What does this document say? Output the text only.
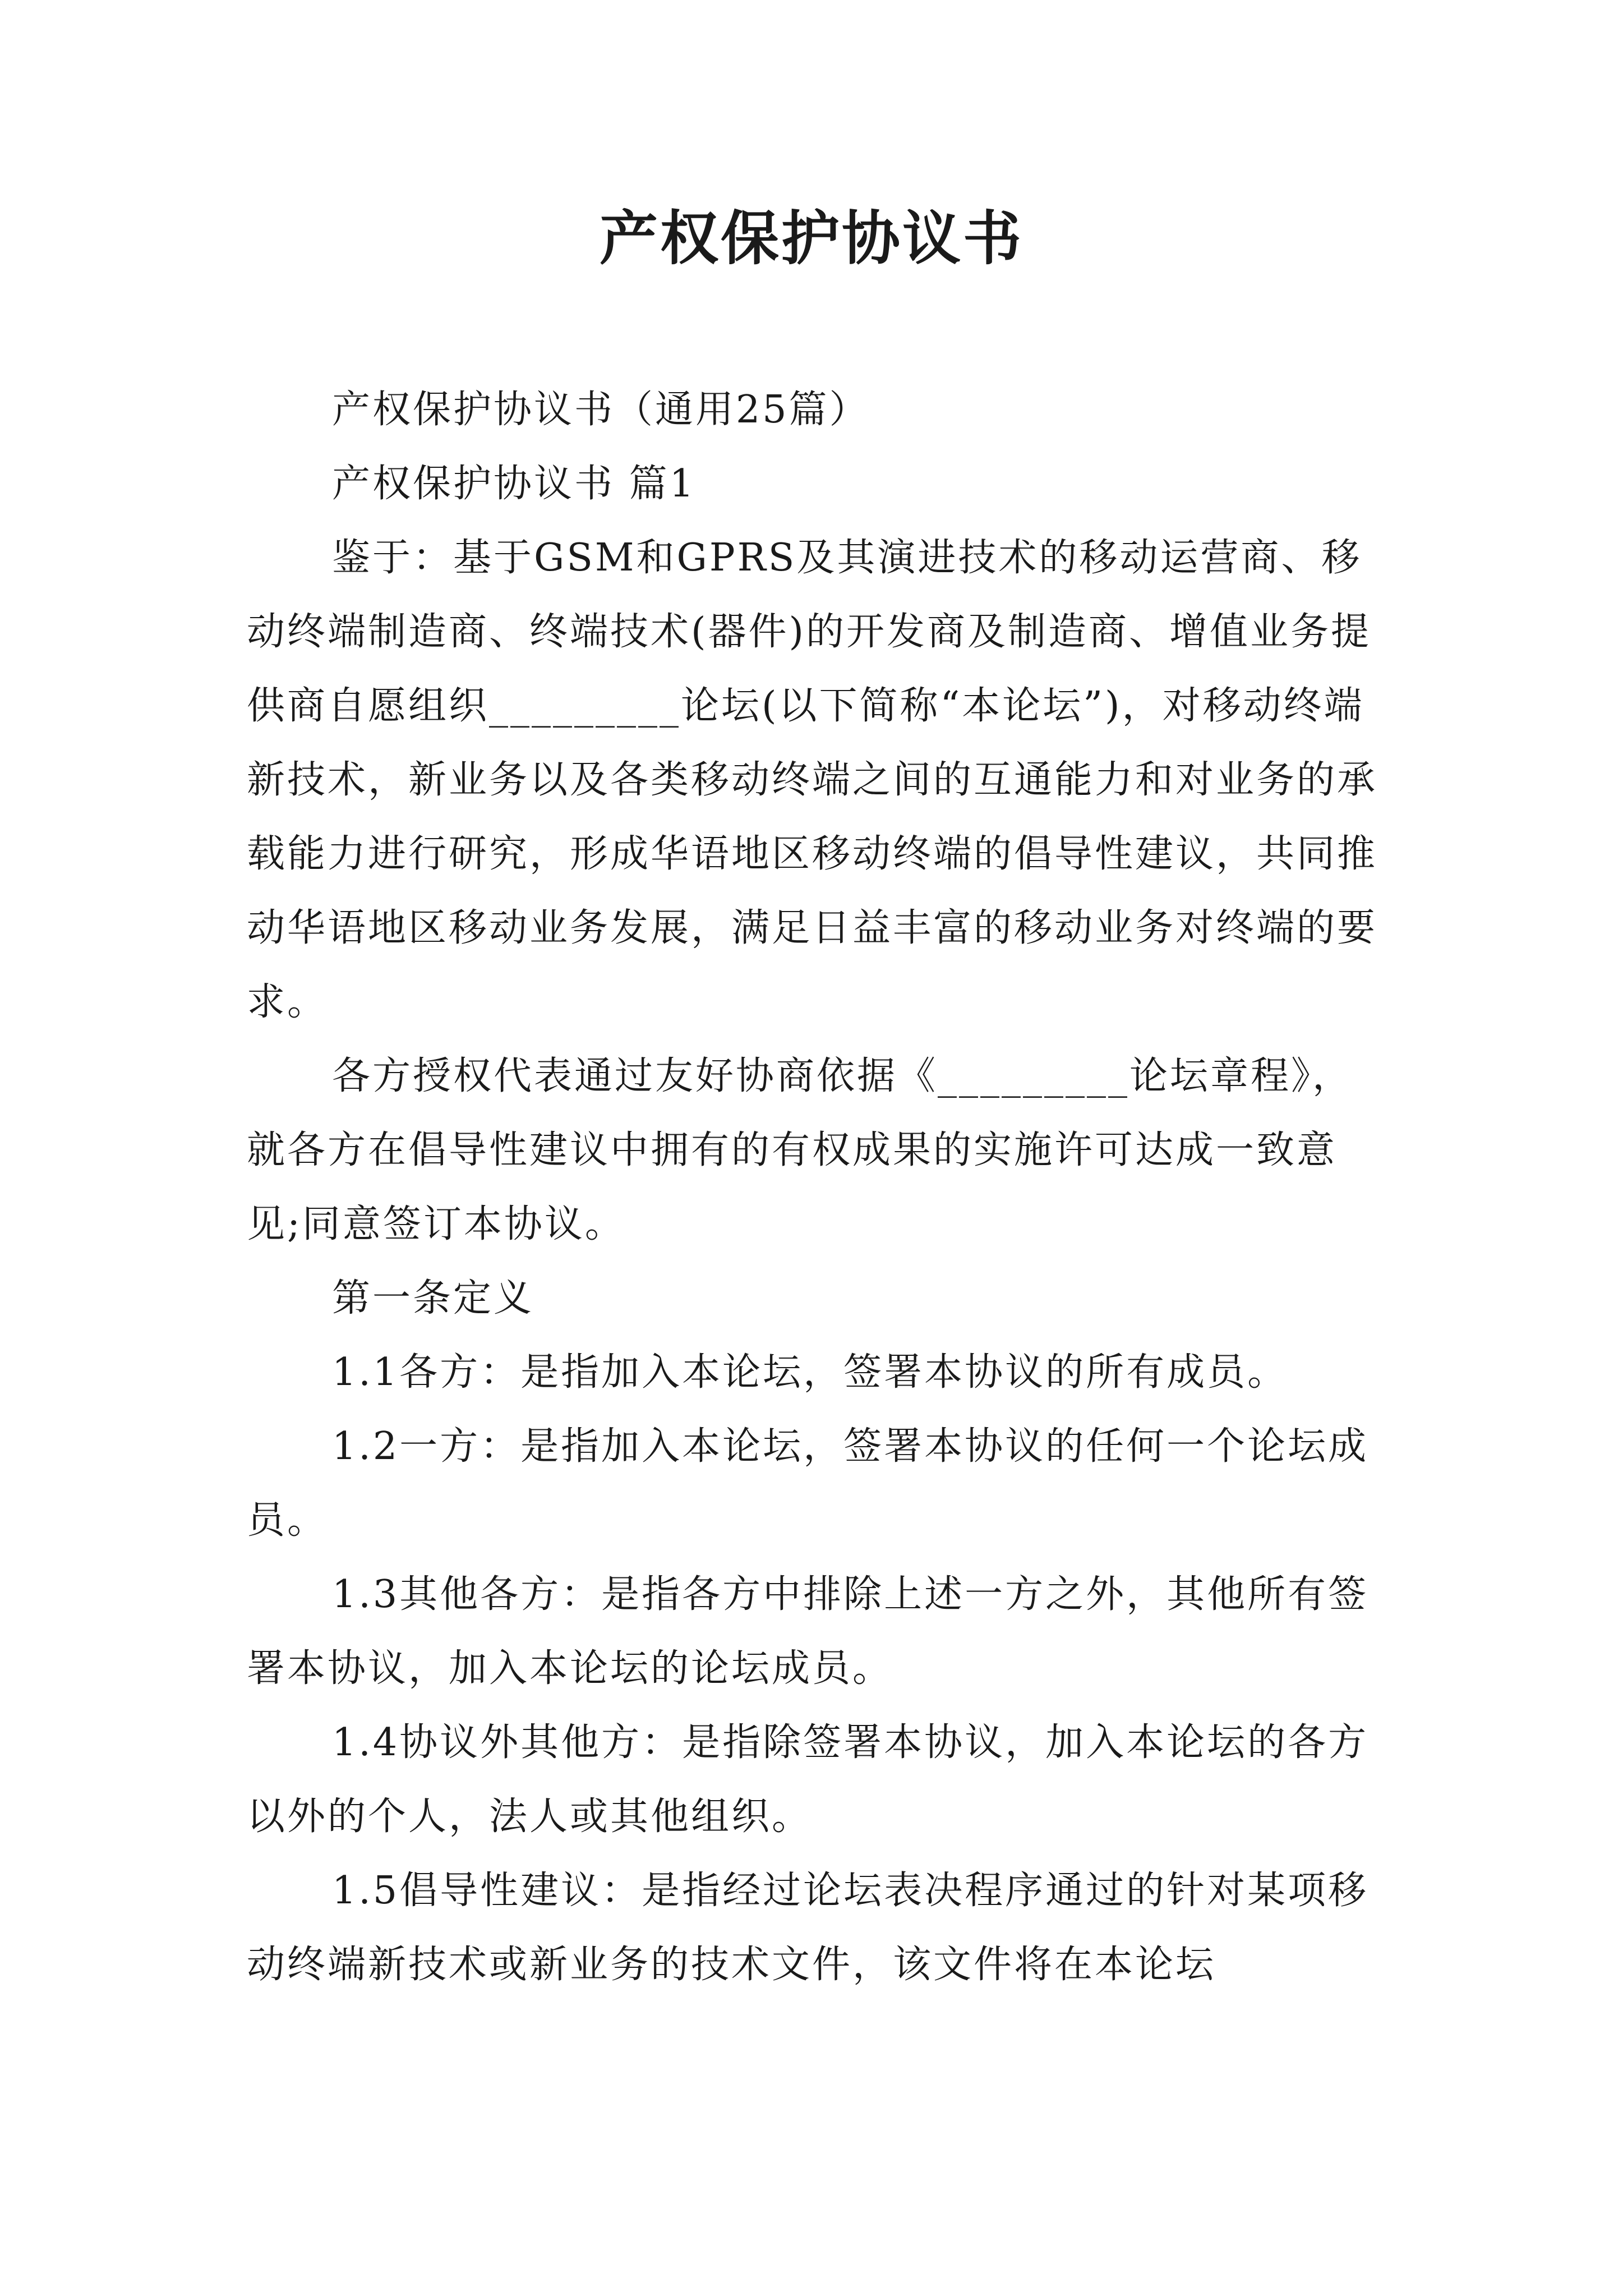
产权保护协议书

产权保护协议书（通用25篇）

产权保护协议书 篇1

鉴于：基于GSM和GPRS及其演进技术的移动运营商、移动终端制造商、终端技术(器件)的开发商及制造商、增值业务提供商自愿组织_________论坛(以下简称“本论坛”)，对移动终端新技术，新业务以及各类移动终端之间的互通能力和对业务的承载能力进行研究，形成华语地区移动终端的倡导性建议，共同推动华语地区移动业务发展，满足日益丰富的移动业务对终端的要求。

各方授权代表通过友好协商依据《_________论坛章程》，就各方在倡导性建议中拥有的有权成果的实施许可达成一致意见;同意签订本协议。

第一条定义

1.1各方：是指加入本论坛，签署本协议的所有成员。

1.2一方：是指加入本论坛，签署本协议的任何一个论坛成员。

1.3其他各方：是指各方中排除上述一方之外，其他所有签署本协议，加入本论坛的论坛成员。

1.4协议外其他方：是指除签署本协议，加入本论坛的各方以外的个人，法人或其他组织。

1.5倡导性建议：是指经过论坛表决程序通过的针对某项移动终端新技术或新业务的技术文件，该文件将在本论坛
